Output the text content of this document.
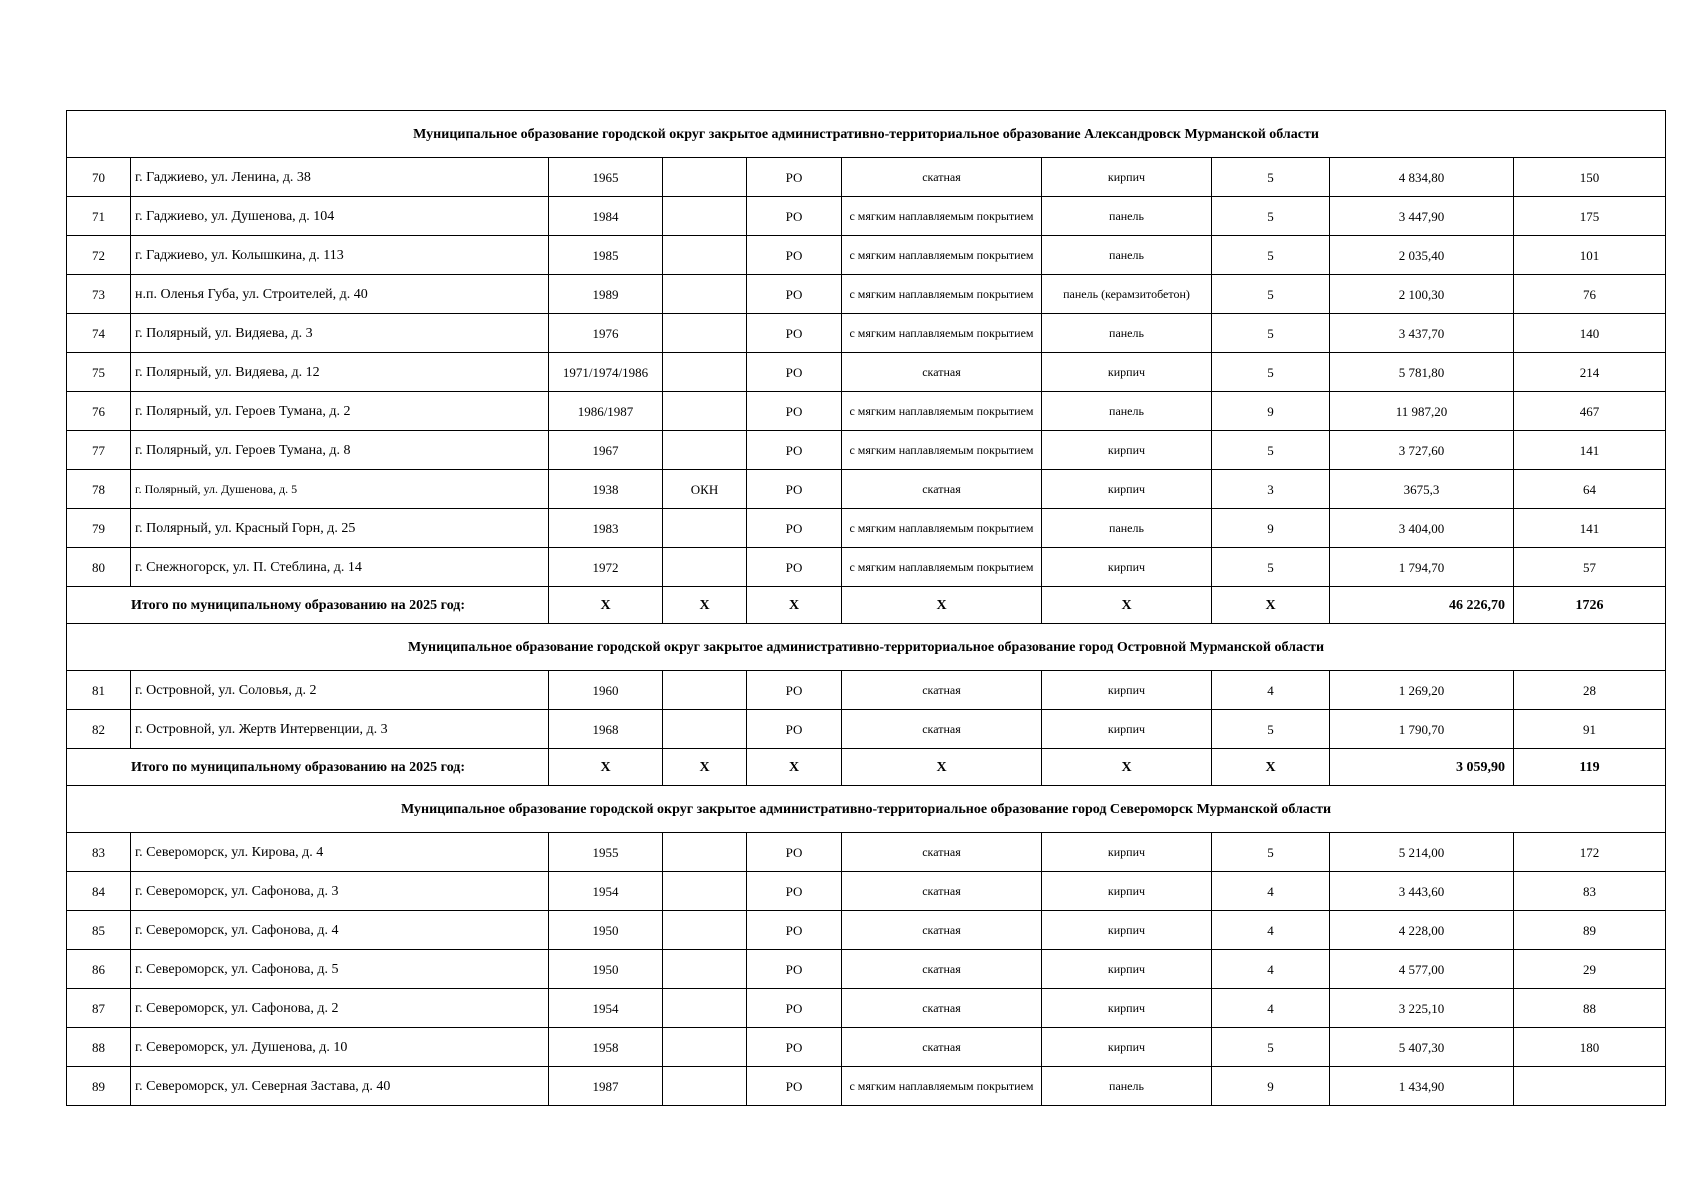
Муниципальное образование городской округ закрытое административно-территориальное образование Александровск Мурманской области									
70	г. Гаджиево, ул. Ленина, д. 38	1965		РО	скатная	кирпич	5	4 834,80	150
71	г. Гаджиево, ул. Душенова, д. 104	1984		РО	с мягким наплавляемым покрытием	панель	5	3 447,90	175
72	г. Гаджиево, ул. Колышкина, д. 113	1985		РО	с мягким наплавляемым покрытием	панель	5	2 035,40	101
73	н.п. Оленья Губа, ул. Строителей, д. 40	1989		РО	с мягким наплавляемым покрытием	панель (керамзитобетон)	5	2 100,30	76
74	г. Полярный, ул. Видяева, д. 3	1976		РО	с мягким наплавляемым покрытием	панель	5	3 437,70	140
75	г. Полярный, ул. Видяева, д. 12	1971/1974/1986		РО	скатная	кирпич	5	5 781,80	214
76	г. Полярный, ул. Героев Тумана, д. 2	1986/1987		РО	с мягким наплавляемым покрытием	панель	9	11 987,20	467
77	г. Полярный, ул. Героев Тумана, д. 8	1967		РО	с мягким наплавляемым покрытием	кирпич	5	3 727,60	141
78	г. Полярный, ул. Душенова, д. 5	1938	ОКН	РО	скатная	кирпич	3	3675,3	64
79	г. Полярный, ул. Красный Горн, д. 25	1983		РО	с мягким наплавляемым покрытием	панель	9	3 404,00	141
80	г. Снежногорск, ул. П. Стеблина, д. 14	1972		РО	с мягким наплавляемым покрытием	кирпич	5	1 794,70	57
Итого по муниципальному образованию на 2025 год:		Х	Х	Х	Х	Х	Х	46 226,70	1726
Муниципальное образование городской округ закрытое административно-территориальное образование город Островной Мурманской области									
81	г. Островной, ул. Соловья, д. 2	1960		РО	скатная	кирпич	4	1 269,20	28
82	г. Островной, ул. Жертв Интервенции, д. 3	1968		РО	скатная	кирпич	5	1 790,70	91
Итого по муниципальному образованию на 2025 год:		Х	Х	Х	Х	Х	Х	3 059,90	119
Муниципальное образование городской округ закрытое административно-территориальное образование город Североморск Мурманской области									
83	г. Североморск, ул. Кирова, д. 4	1955		РО	скатная	кирпич	5	5 214,00	172
84	г. Североморск, ул. Сафонова, д. 3	1954		РО	скатная	кирпич	4	3 443,60	83
85	г. Североморск, ул. Сафонова, д. 4	1950		РО	скатная	кирпич	4	4 228,00	89
86	г. Североморск, ул. Сафонова, д. 5	1950		РО	скатная	кирпич	4	4 577,00	29
87	г. Североморск, ул. Сафонова, д. 2	1954		РО	скатная	кирпич	4	3 225,10	88
88	г. Североморск, ул. Душенова, д. 10	1958		РО	скатная	кирпич	5	5 407,30	180
89	г. Североморск, ул. Северная Застава, д. 40	1987		РО	с мягким наплавляемым покрытием	панель	9	1 434,90	
